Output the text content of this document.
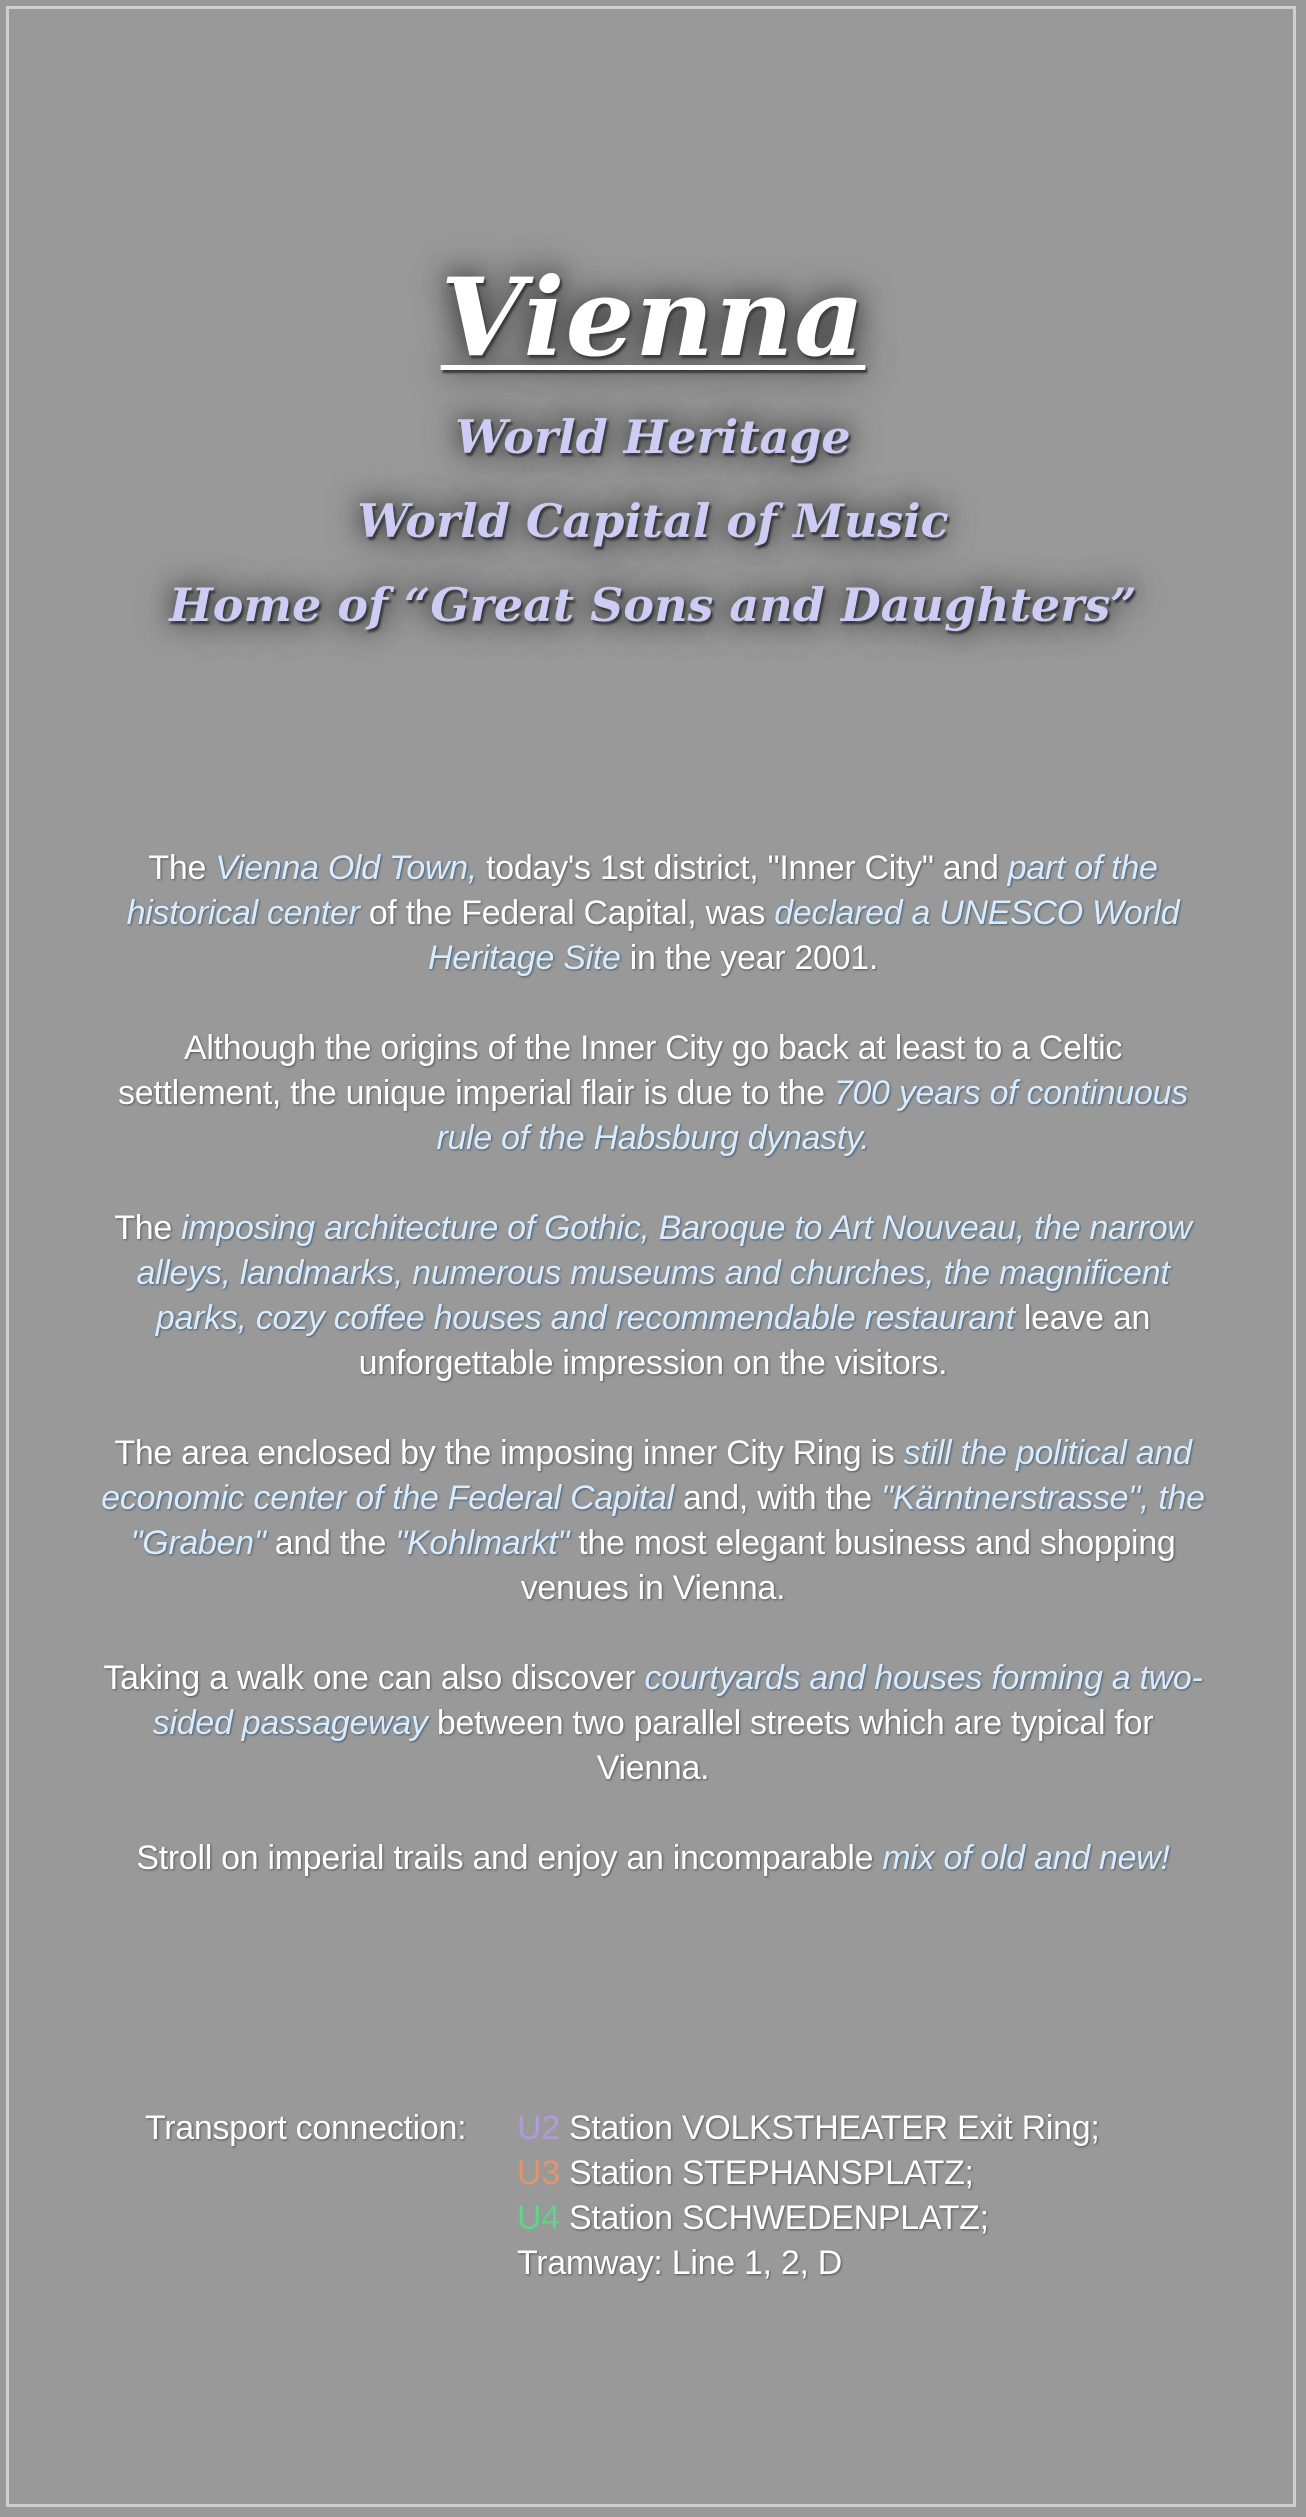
Vienna

World Heritage

World Capital of Music

Home of “Great Sons and Daughters”

The Vienna Old Town, today's 1st district, "Inner City" and part of the historical center of the Federal Capital, was declared a UNESCO World Heritage Site in the year 2001.

Although the origins of the Inner City go back at least to a Celtic settlement, the unique imperial flair is due to the 700 years of continuous rule of the Habsburg dynasty.

The imposing architecture of Gothic, Baroque to Art Nouveau, the narrow alleys, landmarks, numerous museums and churches, the magnificent parks, cozy coffee houses and recommendable restaurant leave an unforgettable impression on the visitors.

The area enclosed by the imposing inner City Ring is still the political and economic center of the Federal Capital and, with the "Kärntnerstrasse", the "Graben" and the "Kohlmarkt" the most elegant business and shopping venues in Vienna.

Taking a walk one can also discover courtyards and houses forming a two-sided passageway between two parallel streets which are typical for Vienna.

Stroll on imperial trails and enjoy an incomparable mix of old and new!

Transport connection:	U2 Station VOLKSTHEATER Exit Ring;
U3 Station STEPHANSPLATZ;
U4 Station SCHWEDENPLATZ;
Tramway: Line 1, 2, D
